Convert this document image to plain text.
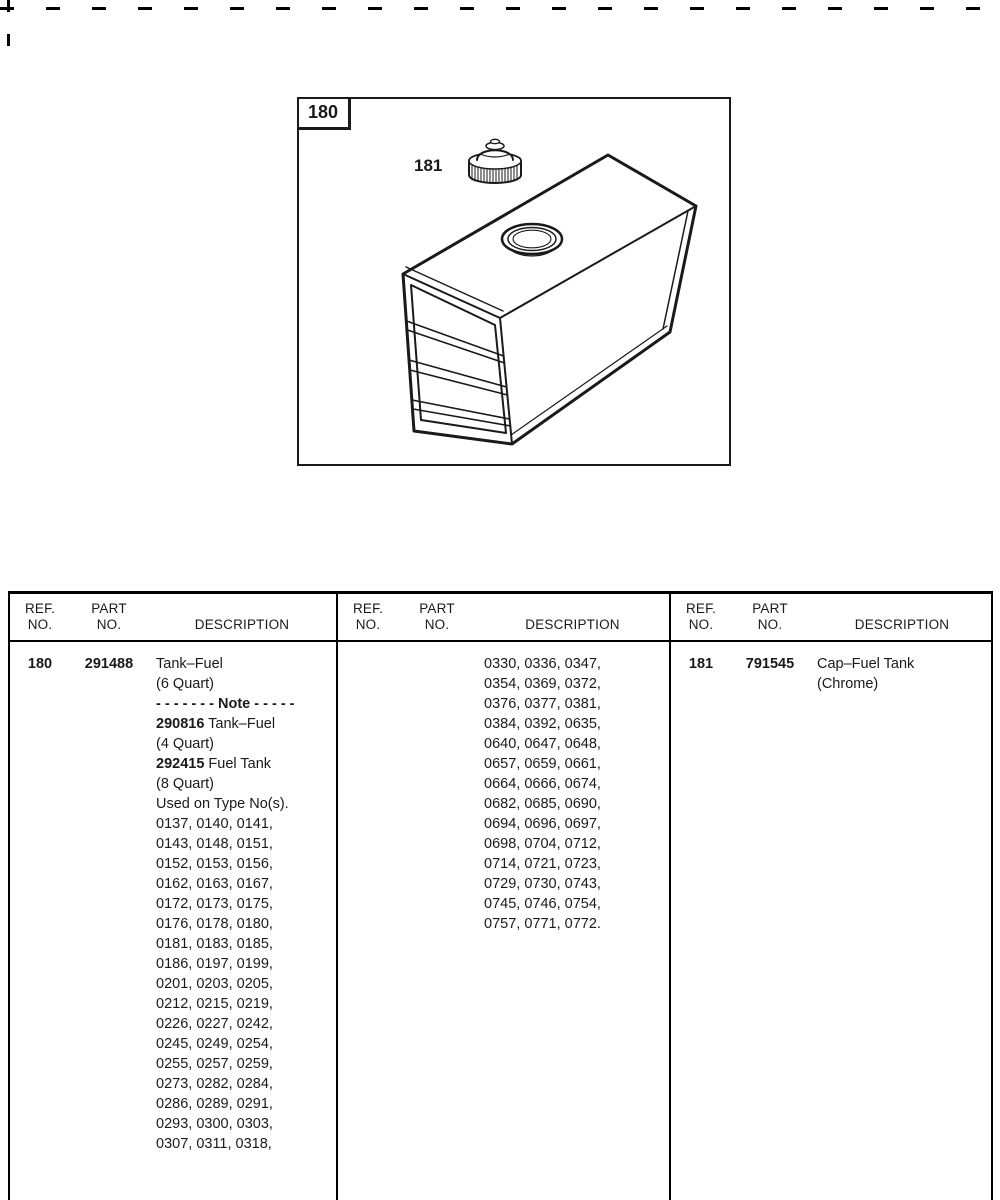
180
181
REF.
NO.
PART
NO.
	DESCRIPTION
180	291488	Tank–Fuel
(6 Quart)
- - - - - - - Note - - - - -
290816 Tank–Fuel
(4 Quart)
292415 Fuel Tank
(8 Quart)
Used on Type No(s).
0137, 0140, 0141,
0143, 0148, 0151,
0152, 0153, 0156,
0162, 0163, 0167,
0172, 0173, 0175,
0176, 0178, 0180,
0181, 0183, 0185,
0186, 0197, 0199,
0201, 0203, 0205,
0212, 0215, 0219,
0226, 0227, 0242,
0245, 0249, 0254,
0255, 0257, 0259,
0273, 0282, 0284,
0286, 0289, 0291,
0293, 0300, 0303,
0307, 0311, 0318,
REF.
NO.
PART
NO.
	DESCRIPTION
0330, 0336, 0347,
0354, 0369, 0372,
0376, 0377, 0381,
0384, 0392, 0635,
0640, 0647, 0648,
0657, 0659, 0661,
0664, 0666, 0674,
0682, 0685, 0690,
0694, 0696, 0697,
0698, 0704, 0712,
0714, 0721, 0723,
0729, 0730, 0743,
0745, 0746, 0754,
0757, 0771, 0772.
REF.
NO.
PART
NO.
	DESCRIPTION
181	791545	Cap–Fuel Tank
(Chrome)
